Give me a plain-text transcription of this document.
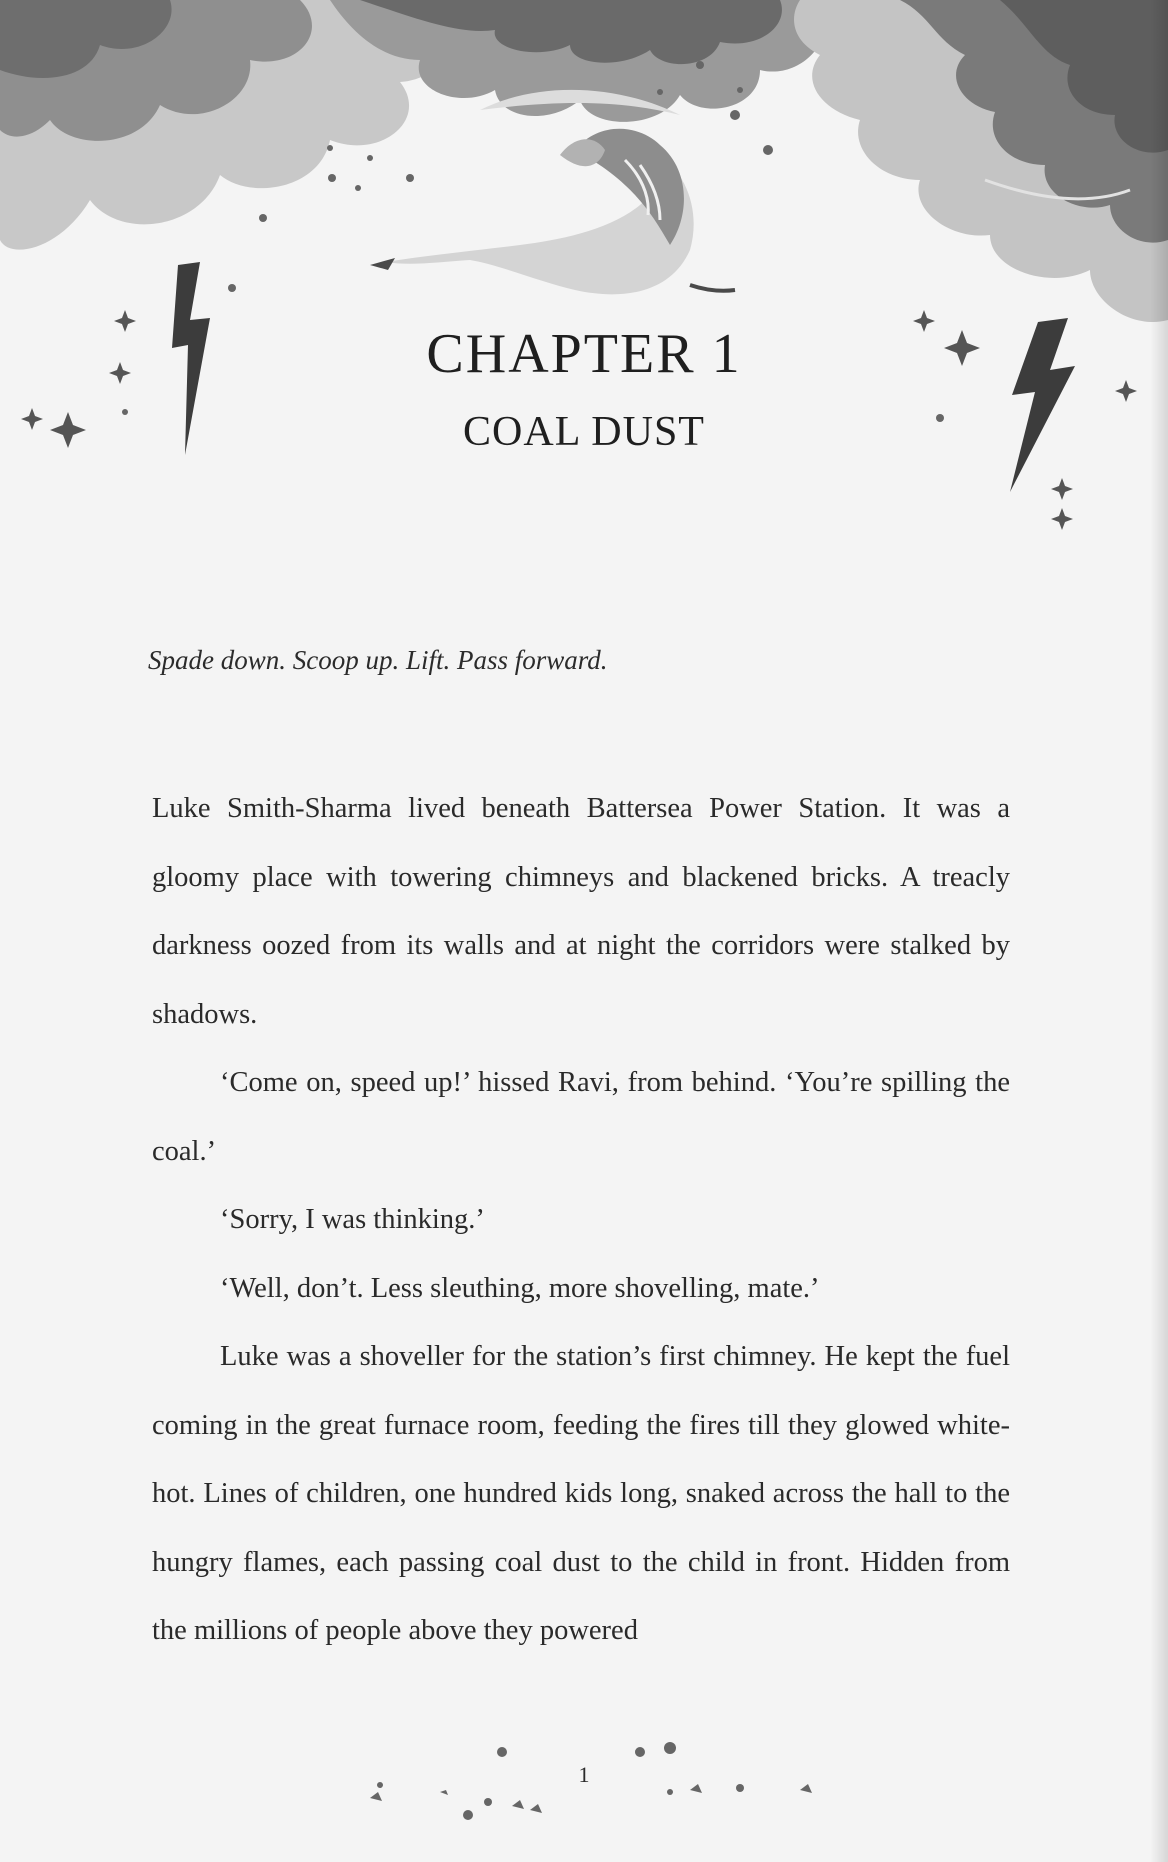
CHAPTER 1
COAL DUST
Spade down. Scoop up. Lift. Pass forward.

Luke Smith-Sharma lived beneath Battersea Power Station. It was a gloomy place with towering chimneys and blackened bricks. A treacly darkness oozed from its walls and at night the corridors were stalked by shadows.

‘Come on, speed up!’ hissed Ravi, from behind. ‘You’re spilling the coal.’

‘Sorry, I was thinking.’

‘Well, don’t. Less sleuthing, more shovelling, mate.’

Luke was a shoveller for the station’s first chimney. He kept the fuel coming in the great furnace room, feeding the fires till they glowed white-hot. Lines of children, one hundred kids long, snaked across the hall to the hungry flames, each passing coal dust to the child in front. Hidden from the millions of people above they powered

1
